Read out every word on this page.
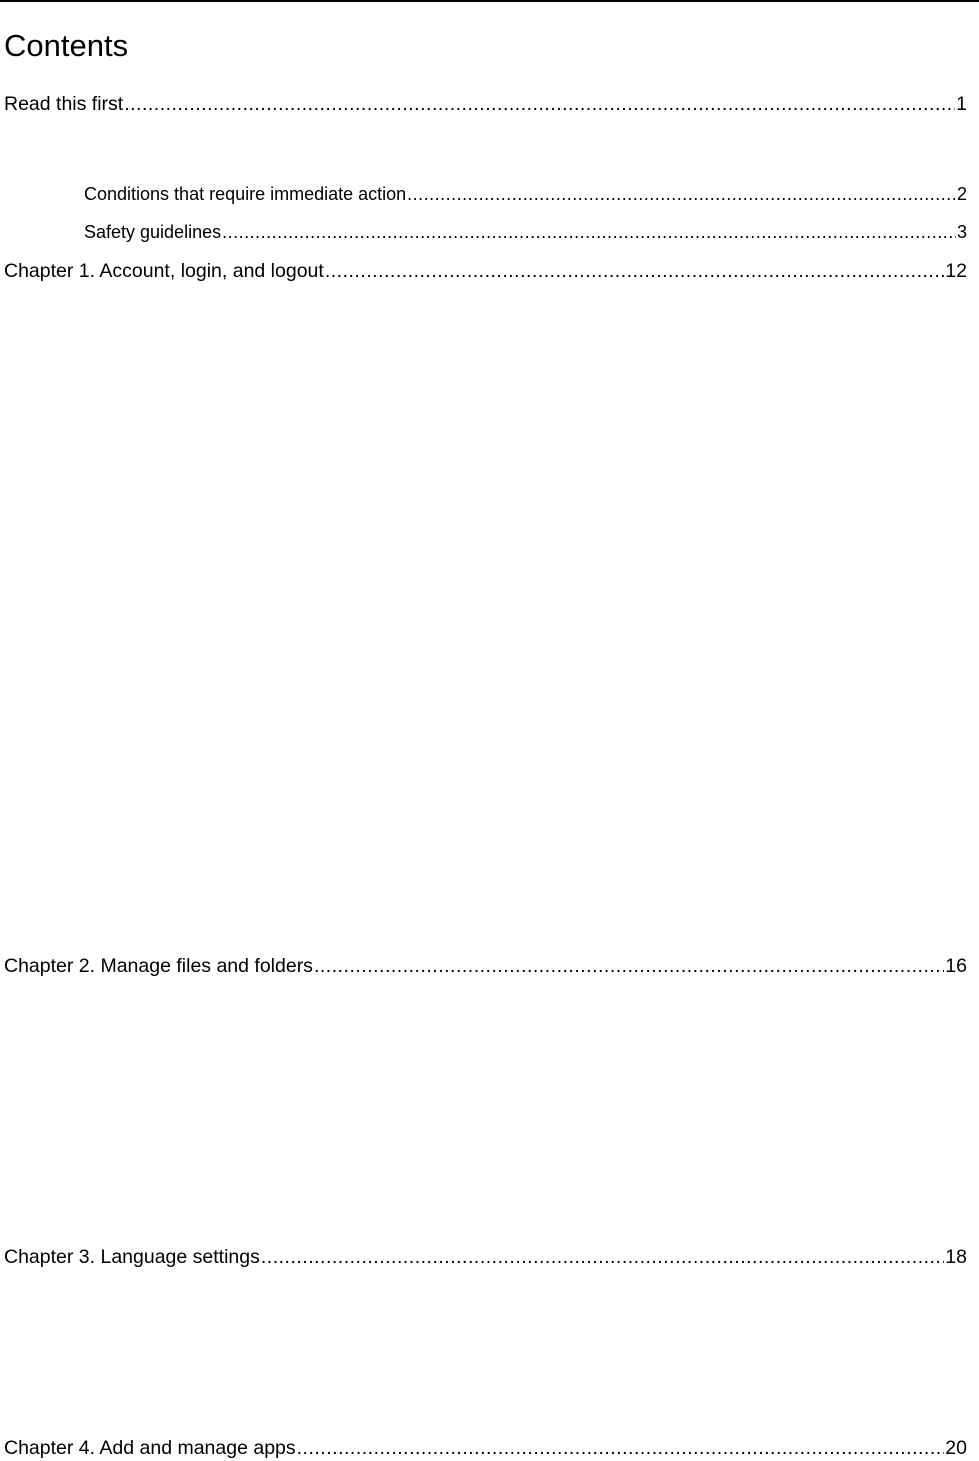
Contents
Read this first .....	1
Conditions that require immediate action .....	2
Safety guidelines .....	3
Chapter 1. Account, login, and logout .....	12
Chapter 2. Manage files and folders .....	16
Chapter 3. Language settings .....	18
Chapter 4. Add and manage apps .....	20
